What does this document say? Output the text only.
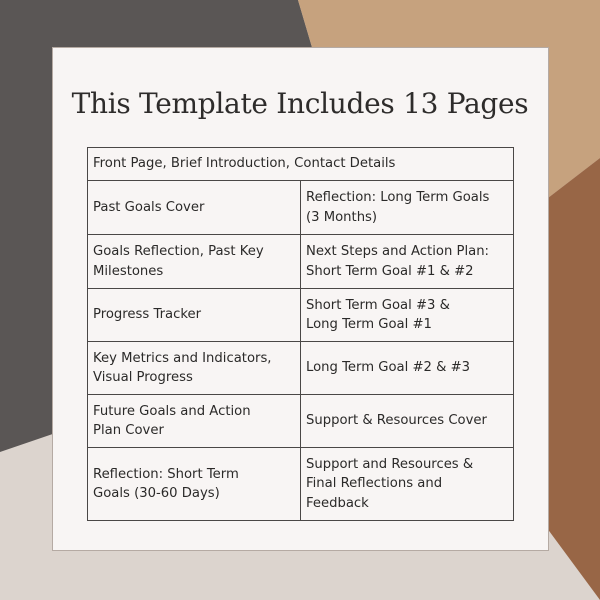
This Template Includes 13 Pages
Front Page, Brief Introduction, Contact Details	
Past Goals Cover	Reflection: Long Term Goals
(3 Months)
Goals Reflection, Past Key
Milestones	Next Steps and Action Plan:
Short Term Goal #1 & #2
Progress Tracker	Short Term Goal #3 &
Long Term Goal #1
Key Metrics and Indicators,
Visual Progress	Long Term Goal #2 & #3
Future Goals and Action
Plan Cover	Support & Resources Cover
Reflection: Short Term
Goals (30-60 Days)	Support and Resources &
Final Reflections and
Feedback
